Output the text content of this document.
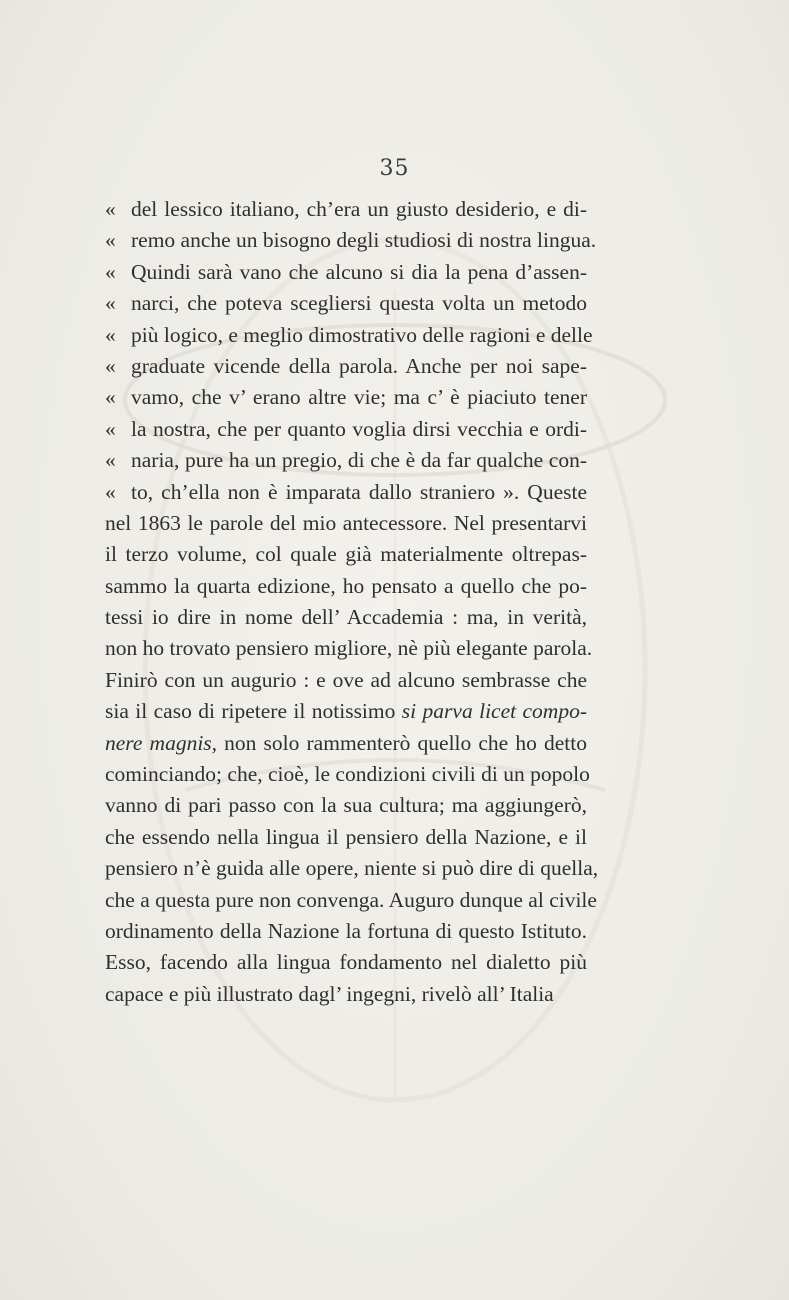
35
« del lessico italiano, ch’era un giusto desiderio, e di-
« remo anche un bisogno degli studiosi di nostra lingua.
« Quindi sarà vano che alcuno si dia la pena d’assen-
« narci, che poteva scegliersi questa volta un metodo
« più logico, e meglio dimostrativo delle ragioni e delle
« graduate vicende della parola. Anche per noi sape-
« vamo, che v’ erano altre vie; ma c’ è piaciuto tener
« la nostra, che per quanto voglia dirsi vecchia e ordi-
« naria, pure ha un pregio, di che è da far qualche con-
« to, ch’ella non è imparata dallo straniero ». Queste
nel 1863 le parole del mio antecessore. Nel presentarvi
il terzo volume, col quale già materialmente oltrepas-
sammo la quarta edizione, ho pensato a quello che po-
tessi io dire in nome dell’ Accademia : ma, in verità,
non ho trovato pensiero migliore, nè più elegante parola.
Finirò con un augurio : e ove ad alcuno sembrasse che
sia il caso di ripetere il notissimo si parva licet compo-
nere magnis, non solo rammenterò quello che ho detto
cominciando; che, cioè, le condizioni civili di un popolo
vanno di pari passo con la sua cultura; ma aggiungerò,
che essendo nella lingua il pensiero della Nazione, e il
pensiero n’è guida alle opere, niente si può dire di quella,
che a questa pure non convenga. Auguro dunque al civile
ordinamento della Nazione la fortuna di questo Istituto.
Esso, facendo alla lingua fondamento nel dialetto più
capace e più illustrato dagl’ ingegni, rivelò all’ Italia
